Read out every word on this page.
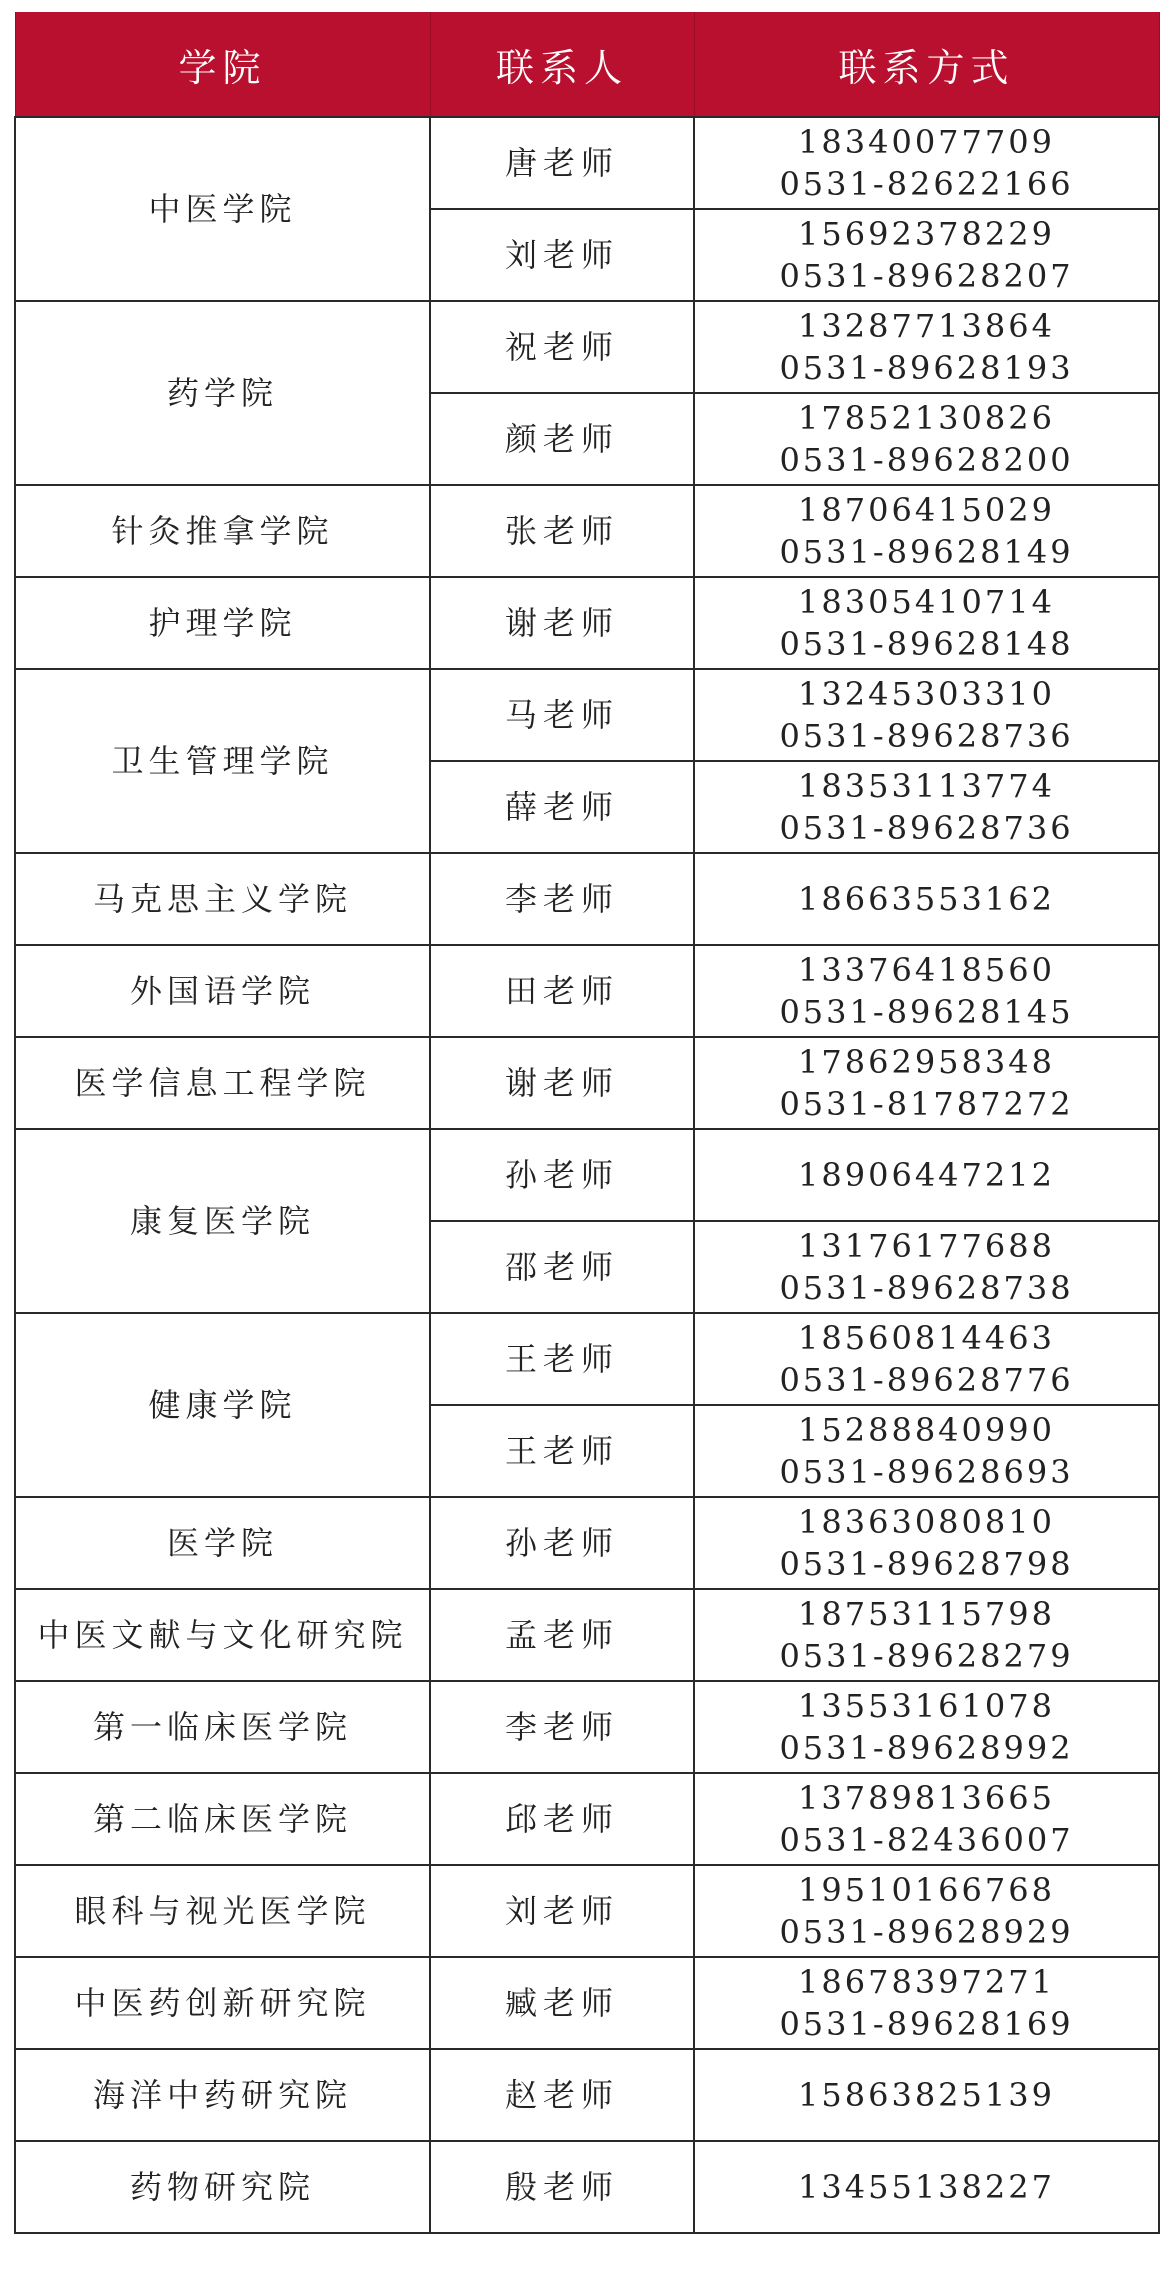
学院	联系人	联系方式
中医学院	唐老师	18340077709
0531-82622166

	刘老师	15692378229
0531-89628207

药学院	祝老师	13287713864
0531-89628193

	颜老师	17852130826
0531-89628200

针灸推拿学院	张老师	18706415029
0531-89628149

护理学院	谢老师	18305410714
0531-89628148

卫生管理学院	马老师	13245303310
0531-89628736

	薛老师	18353113774
0531-89628736

马克思主义学院	李老师	18663553162

外国语学院	田老师	13376418560
0531-89628145

医学信息工程学院	谢老师	17862958348
0531-81787272

康复医学院	孙老师	18906447212

	邵老师	13176177688
0531-89628738

健康学院	王老师	18560814463
0531-89628776

	王老师	15288840990
0531-89628693

医学院	孙老师	18363080810
0531-89628798

中医文献与文化研究院	孟老师	18753115798
0531-89628279

第一临床医学院	李老师	13553161078
0531-89628992

第二临床医学院	邱老师	13789813665
0531-82436007

眼科与视光医学院	刘老师	19510166768
0531-89628929

中医药创新研究院	臧老师	18678397271
0531-89628169

海洋中药研究院	赵老师	15863825139

药物研究院	殷老师	13455138227
